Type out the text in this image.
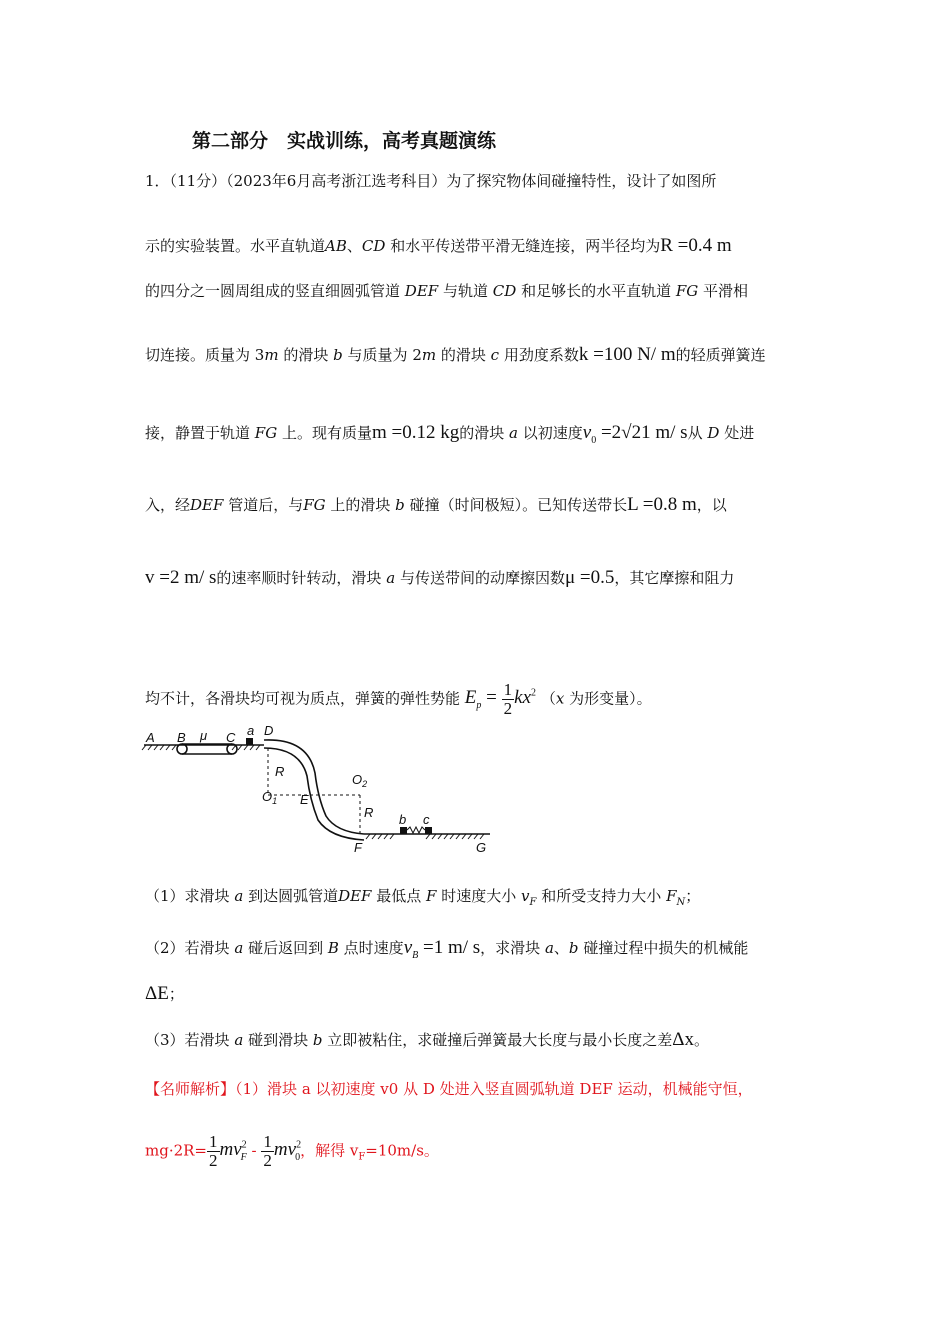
第二部分　实战训练，高考真题演练
1．（11分）（2023年6月高考浙江选考科目）为了探究物体间碰撞特性，设计了如图所
示的实验装置。水平直轨道AB、CD 和水平传送带平滑无缝连接，两半径均为R =0.4 m
的四分之一圆周组成的竖直细圆弧管道 DEF 与轨道 CD 和足够长的水平直轨道 FG 平滑相
切连接。质量为 3m 的滑块 b 与质量为 2m 的滑块 c 用劲度系数k =100 N/ m的轻质弹簧连
接，静置于轨道 FG 上。现有质量m =0.12 kg的滑块 a 以初速度$v_0 =2√21$ m/ s从 D 处进
入，经DEF 管道后，与FG 上的滑块 b 碰撞（时间极短）。已知传送带长L =0.8 m，以
v =2 m/ s的速率顺时针转动，滑块 a 与传送带间的动摩擦因数μ =0.5，其它摩擦和阻力
均不计，各滑块均可视为质点，弹簧的弹性势能 $E_p = \frac{1}{2} kx^2$ （x 为形变量）。
A B μ C a D
R
$O_1$ E
$O_2$
R b c
F	G
（1）求滑块 a 到达圆弧管道DEF 最低点 F 时速度大小 $v_F$ 和所受支持力大小 $F_N$；
（2）若滑块 a 碰后返回到 B 点时速度$v_B =1$ m/ s，求滑块 a、b 碰撞过程中损失的机械能
ΔE；
（3）若滑块 a 碰到滑块 b 立即被粘住，求碰撞后弹簧最大长度与最小长度之差Δx。
【名师解析】（1）滑块 a 以初速度 v0 从 D 处进入竖直圆弧轨道 DEF 运动，机械能守恒，
$mg\cdot 2R= \frac{1}{2} mv^2_F - \frac{1}{2} mv^2_0$，解得 $v_F=10m/s$。
